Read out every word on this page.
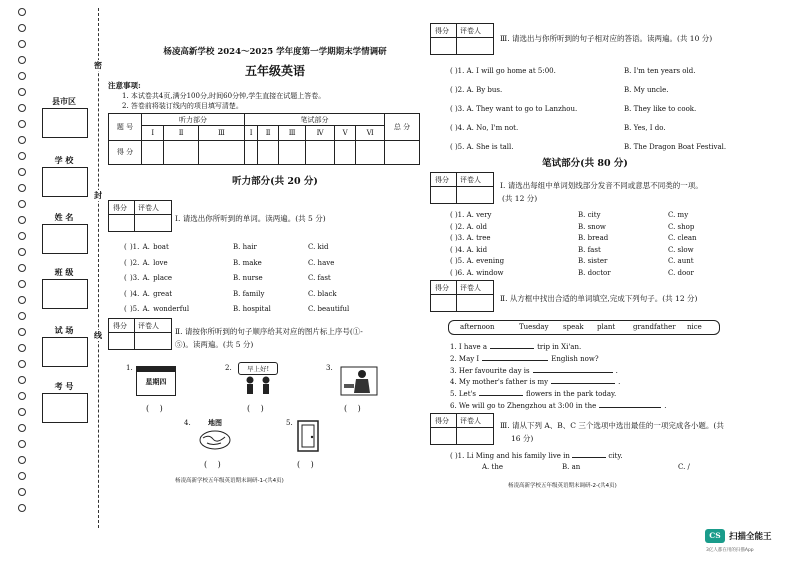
密
封
线
县市区
学 校
姓 名
班 级
试 场
考 号
杨凌高新学校 2024～2025 学年度第一学期期末学情调研
五年级英语
注意事项:
1. 本试卷共4页,满分100分,时间60分钟,学生直接在试题上答卷。
2. 答卷前将装订线内的项目填写清楚。
题 号	听力部分			笔试部分						总 分
	Ⅰ	Ⅱ	Ⅲ	Ⅰ	Ⅱ	Ⅲ	Ⅳ	Ⅴ	Ⅵ	
得 分										
听力部分(共 20 分)
得分 评卷人
Ⅰ. 请选出你所听到的单词。读两遍。(共 5 分)
( )1. A. boat	B. hair	C. kid
( )2. A. love	B. make	C. have
( )3. A. place	B. nurse	C. fast
( )4. A. great	B. family	C. black
( )5. A. wonderful	B. hospital	C. beautiful
得分 评卷人
Ⅱ. 请按你所听到的句子顺序给其对应的图片标上序号(①-
⑤)。读两遍。(共 5 分)
1.
星期四
( )
2.	早上好!
( )
3.
( )
4.	地图
( )
5.
( )
杨凌高新学校五年级英语期末调研-1-(共4页)
得分 评卷人
Ⅲ. 请选出与你所听到的句子相对应的答语。读两遍。(共 10 分)
( )1. A. I will go home at 5:00.	B. I'm ten years old.
( )2. A. By bus.	B. My uncle.
( )3. A. They want to go to Lanzhou.	B. They like to cook.
( )4. A. No, I'm not.	B. Yes, I do.
( )5. A. She is tall.	B. The Dragon Boat Festival.
笔试部分(共 80 分)
得分 评卷人
Ⅰ. 请选出每组中单词划线部分发音不同或意思不同类的一项。
(共 12 分)
( )1. A. very	B. city	C. my
( )2. A. old	B. snow	C. shop
( )3. A. tree	B. bread	C. clean
( )4. A. kid	B. fast	C. slow
( )5. A. evening	B. sister	C. aunt
( )6. A. window	B. doctor	C. door
得分 评卷人
Ⅱ. 从方框中找出合适的单词填空,完成下列句子。(共 12 分)
afternoon	Tuesday speak plant	grandfather nice
1. I have a	trip in Xi'an.
2. May I	English now?
3. Her favourite day is	.
4. My mother's father is my	.
5. Let's	flowers in the park today.
6. We will go to Zhengzhou at 3:00 in the	.
得分 评卷人	Ⅲ. 请从下列 A、B、C 三个选项中选出最佳的一项完成各小题。(共
16 分)
( )1. Li Ming and his family live in	city.
A. the	B. an	C. /
杨凌高新学校五年级英语期末调研-2-(共4页)
CS 扫描全能王
3亿人都在用的扫描App
